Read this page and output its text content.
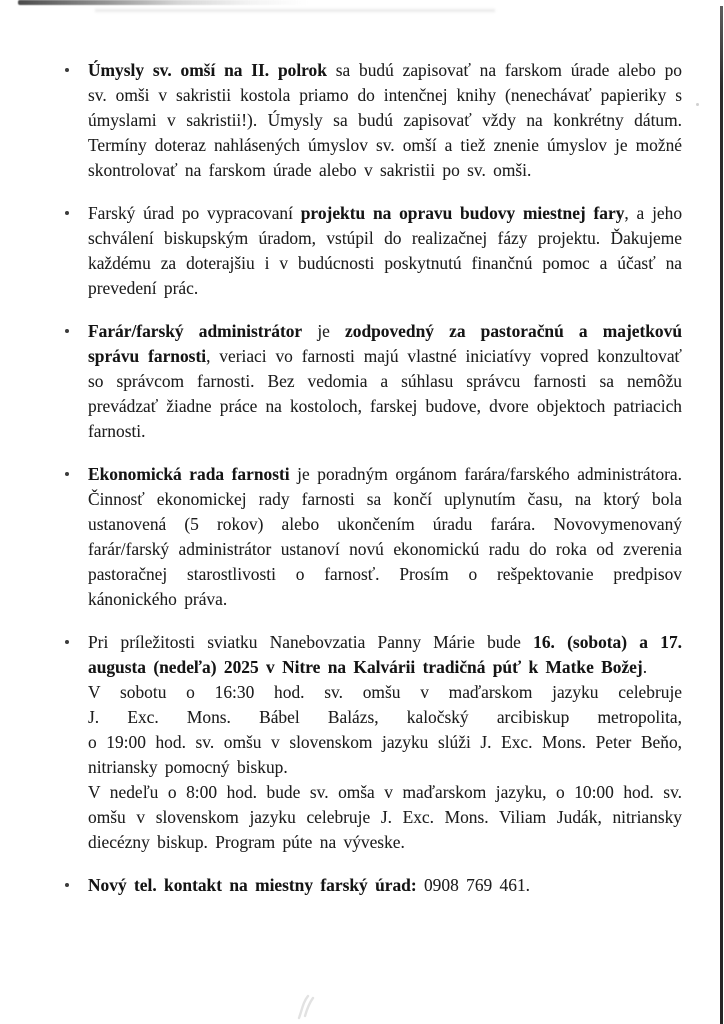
Úmysly sv. omší na II. polrok sa budú zapisovať na farskom úrade alebo po sv. omši v sakristii kostola priamo do intenčnej knihy (nenechávať papieriky s úmyslami v sakristii!). Úmysly sa budú zapisovať vždy na konkrétny dátum. Termíny doteraz nahlásených úmyslov sv. omší a tiež znenie úmyslov je možné skontrolovať na farskom úrade alebo v sakristii po sv. omši.
Farský úrad po vypracovaní projektu na opravu budovy miestnej fary, a jeho schválení biskupským úradom, vstúpil do realizačnej fázy projektu. Ďakujeme každému za doterajšiu i v budúcnosti poskytnutú finančnú pomoc a účasť na prevedení prác.
Farár/farský administrátor je zodpovedný za pastoračnú a majetkovú správu farnosti, veriaci vo farnosti majú vlastné iniciatívy vopred konzultovať so správcom farnosti. Bez vedomia a súhlasu správcu farnosti sa nemôžu prevádzať žiadne práce na kostoloch, farskej budove, dvore objektoch patriacich farnosti.
Ekonomická rada farnosti je poradným orgánom farára/farského administrátora. Činnosť ekonomickej rady farnosti sa končí uplynutím času, na ktorý bola ustanovená (5 rokov) alebo ukončením úradu farára. Novovymenovaný farár/farský administrátor ustanoví novú ekonomickú radu do roka od zverenia pastoračnej starostlivosti o farnosť. Prosím o rešpektovanie predpisov kánonického práva.
Pri príležitosti sviatku Nanebovzatia Panny Márie bude 16. (sobota) a 17. augusta (nedeľa) 2025 v Nitre na Kalvárii tradičná púť k Matke Božej.
V sobotu o 16:30 hod. sv. omšu v maďarskom jazyku celebruje
J. Exc. Mons. Bábel Balázs, kaločský arcibiskup metropolita,
o 19:00 hod. sv. omšu v slovenskom jazyku slúži J. Exc. Mons. Peter Beňo, nitriansky pomocný biskup.
V nedeľu o 8:00 hod. bude sv. omša v maďarskom jazyku, o 10:00 hod. sv. omšu v slovenskom jazyku celebruje J. Exc. Mons. Viliam Judák, nitriansky diecézny biskup. Program púte na výveske.
Nový tel. kontakt na miestny farský úrad: 0908 769 461.
